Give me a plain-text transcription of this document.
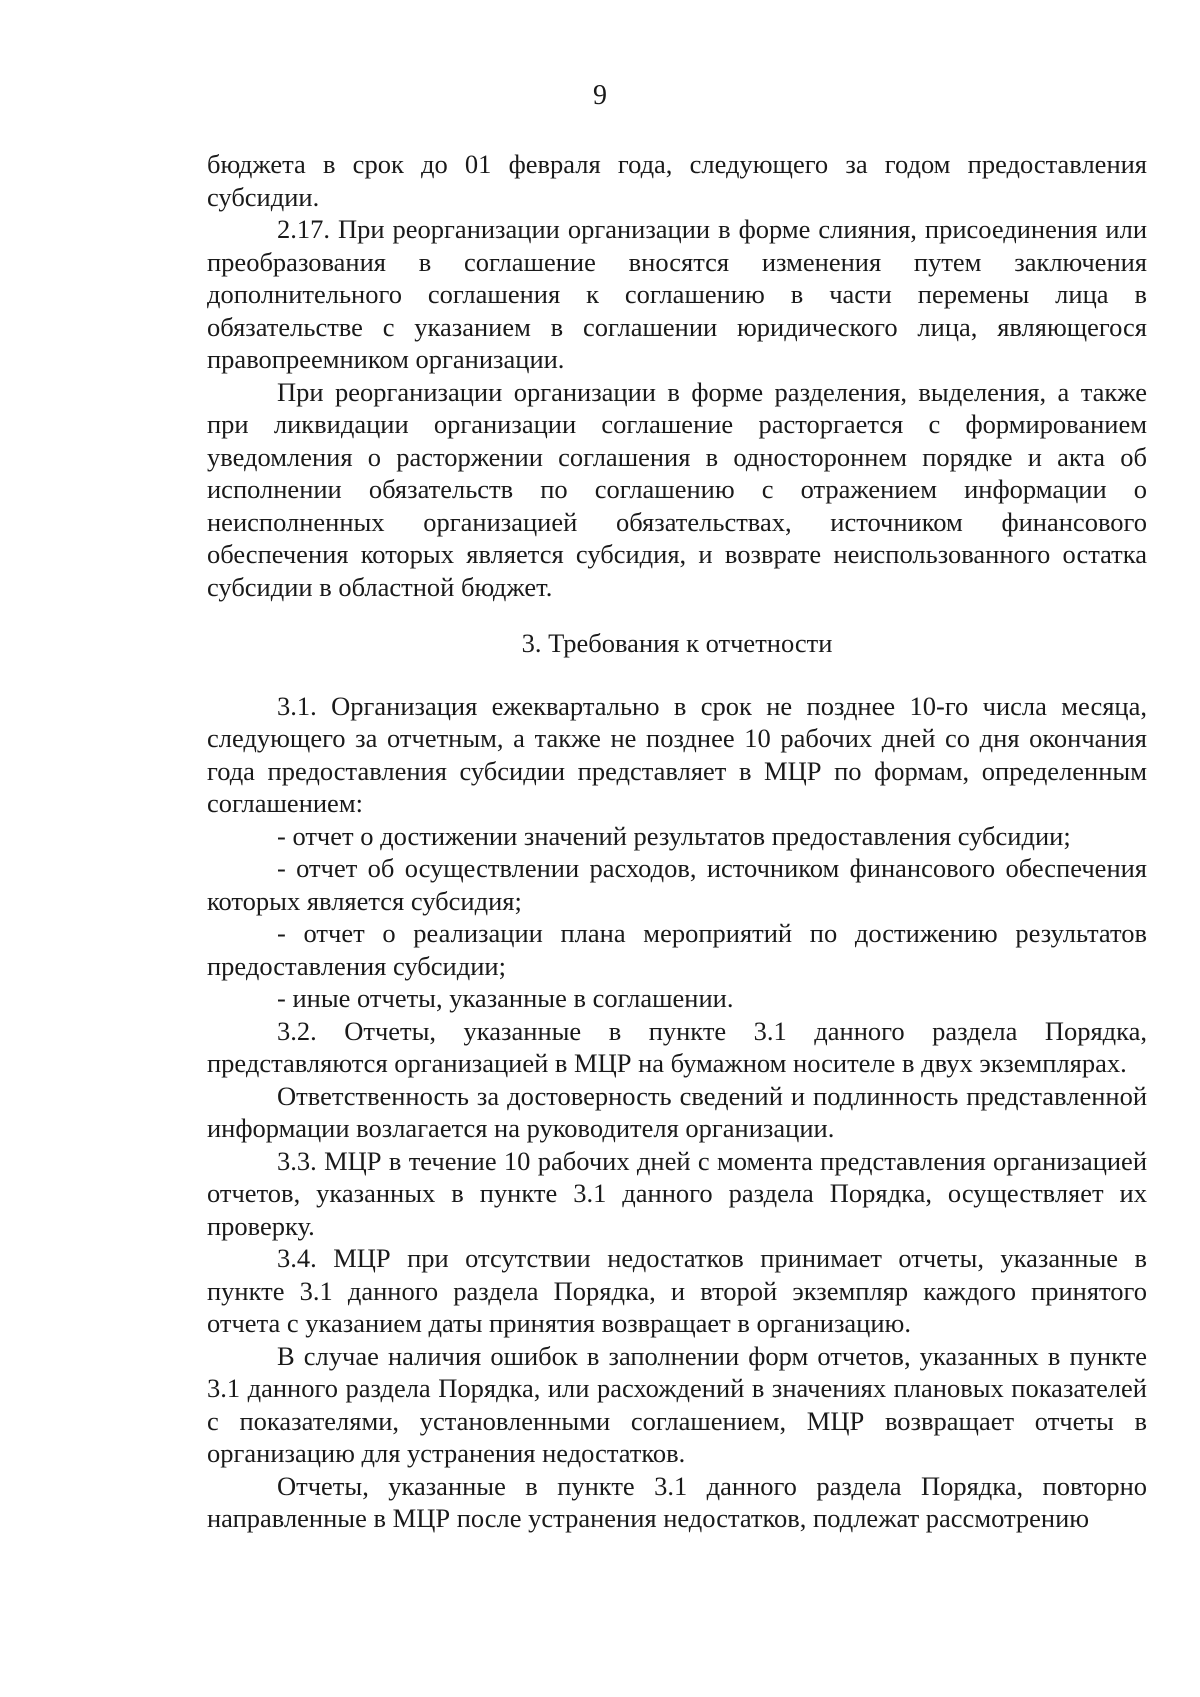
9

бюджета в срок до 01 февраля года, следующего за годом предоставления субсидии.

2.17. При реорганизации организации в форме слияния, присоединения или преобразования в соглашение вносятся изменения путем заключения дополнительного соглашения к соглашению в части перемены лица в обязательстве с указанием в соглашении юридического лица, являющегося правопреемником организации.

При реорганизации организации в форме разделения, выделения, а также при ликвидации организации соглашение расторгается с формированием уведомления о расторжении соглашения в одностороннем порядке и акта об исполнении обязательств по соглашению с отражением информации о неисполненных организацией обязательствах, источником финансового обеспечения которых является субсидия, и возврате неиспользованного остатка субсидии в областной бюджет.

3. Требования к отчетности

3.1. Организация ежеквартально в срок не позднее 10-го числа месяца, следующего за отчетным, а также не позднее 10 рабочих дней со дня окончания года предоставления субсидии представляет в МЦР по формам, определенным соглашением:

- отчет о достижении значений результатов предоставления субсидии;

- отчет об осуществлении расходов, источником финансового обеспечения которых является субсидия;

- отчет о реализации плана мероприятий по достижению результатов предоставления субсидии;

- иные отчеты, указанные в соглашении.

3.2. Отчеты, указанные в пункте 3.1 данного раздела Порядка, представляются организацией в МЦР на бумажном носителе в двух экземплярах.

Ответственность за достоверность сведений и подлинность представленной информации возлагается на руководителя организации.

3.3. МЦР в течение 10 рабочих дней с момента представления организацией отчетов, указанных в пункте 3.1 данного раздела Порядка, осуществляет их проверку.

3.4. МЦР при отсутствии недостатков принимает отчеты, указанные в пункте 3.1 данного раздела Порядка, и второй экземпляр каждого принятого отчета с указанием даты принятия возвращает в организацию.

В случае наличия ошибок в заполнении форм отчетов, указанных в пункте 3.1 данного раздела Порядка, или расхождений в значениях плановых показателей с показателями, установленными соглашением, МЦР возвращает отчеты в организацию для устранения недостатков.

Отчеты, указанные в пункте 3.1 данного раздела Порядка, повторно направленные в МЦР после устранения недостатков, подлежат рассмотрению
